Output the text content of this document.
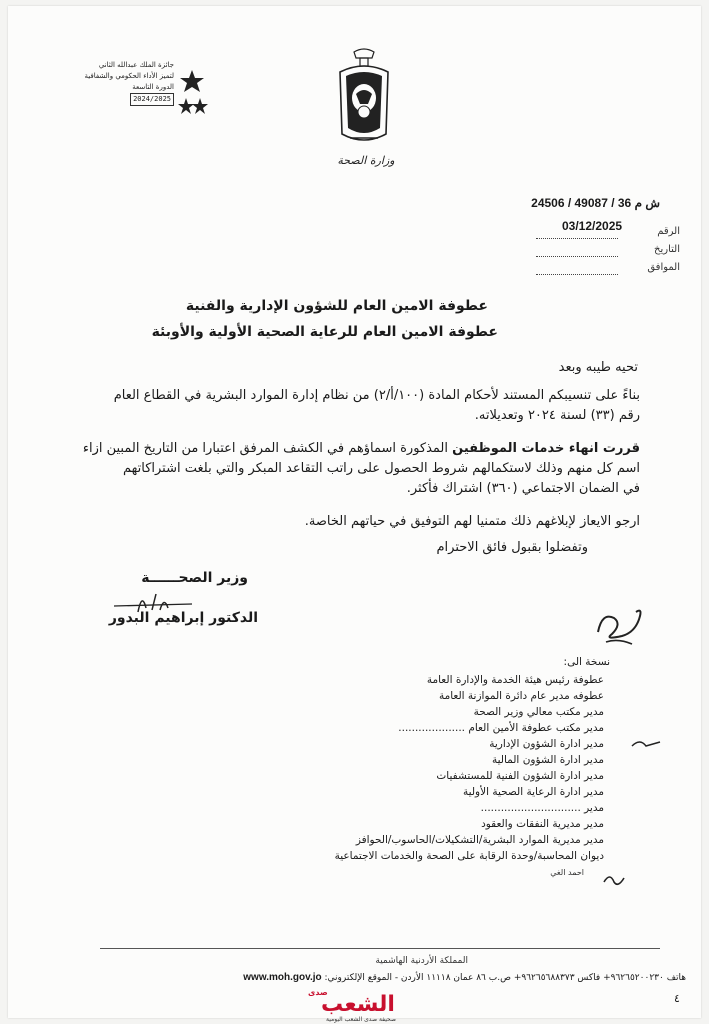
وزارة الصحة
جائزة الملك عبدالله الثاني
لتميز الأداء الحكومي والشفافية
الدورة التاسعة
2024/2025
ش م 24506 / 49087 / 36
03/12/2025	الرقم
التاريخ
الموافق
عطوفة الامين العام للشؤون الإدارية والفنية
عطوفة الامين العام للرعاية الصحية الأولية والأوبئة
تحيه طيبه وبعد
بناءً على تنسيبكم المستند لأحكام المادة (١٠٠/أ/٢) من نظام إدارة الموارد البشرية في القطاع العام
رقم (٣٣) لسنة ٢٠٢٤ وتعديلاته.
قررت انهاء خدمات الموظفين المذكورة اسماؤهم في الكشف المرفق اعتبارا من التاريخ المبين ازاء
اسم كل منهم وذلك لاستكمالهم شروط الحصول على راتب التقاعد المبكر والتي بلغت اشتراكاتهم
في الضمان الاجتماعي (٣٦٠) اشتراك فأكثر.
ارجو الايعاز لإبلاغهم ذلك متمنيا لهم التوفيق في حياتهم الخاصة.
وتفضلوا بقبول فائق الاحترام
وزير الصحــــــة
الدكتور إبراهيم البدور
نسخة الى:
عطوفة رئيس هيئة الخدمة والإدارة العامة
عطوفه مدير عام دائرة الموازنة العامة
مدير مكتب معالي وزير الصحة
مدير مكتب عطوفة الأمين العام ....................
مدير ادارة الشؤون الإدارية
مدير ادارة الشؤون المالية
مدير ادارة الشؤون الفنية للمستشفيات
مدير ادارة الرعاية الصحية الأولية
مدير ..............................
مدير مديرية النفقات والعقود
مدير مديرية الموارد البشرية/التشكيلات/الحاسوب/الحوافز
ديوان المحاسبة/وحدة الرقابة على الصحة والخدمات الاجتماعية
احمد الغي
المملكة الأردنية الهاشمية
هاتف ٩٦٢٦٥٢٠٠٢٣٠+ فاكس ٩٦٢٦٥٦٨٨٣٧٣+ ص.ب ٨٦ عمان ١١١١٨ الأردن - الموقع الإلكتروني: www.moh.gov.jo
٤
صدى
الشعب
صحيفة صدى الشعب اليومية
